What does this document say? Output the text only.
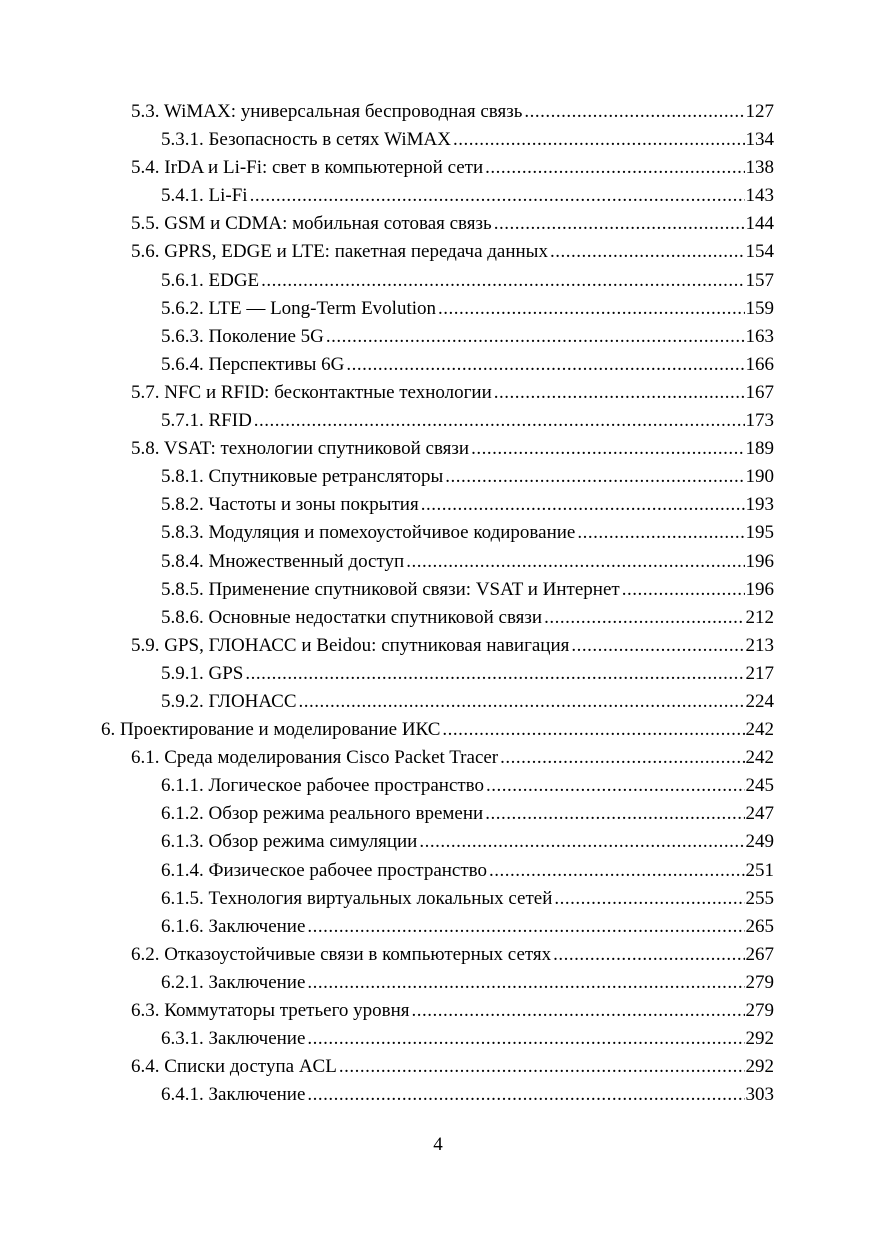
5.3. WiMAX: универсальная беспроводная связь .....	127
5.3.1. Безопасность в сетях WiMAX .....	134
5.4. IrDA и Li-Fi: свет в компьютерной сети .....	138
5.4.1. Li-Fi .....	143
5.5. GSM и CDMA: мобильная сотовая связь .....	144
5.6. GPRS, EDGE и LTE: пакетная передача данных .....	154
5.6.1. EDGE .....	157
5.6.2. LTE — Long-Term Evolution .....	159
5.6.3. Поколение 5G .....	163
5.6.4. Перспективы 6G .....	166
5.7. NFC и RFID: бесконтактные технологии .....	167
5.7.1. RFID .....	173
5.8. VSAT: технологии спутниковой связи .....	189
5.8.1. Спутниковые ретрансляторы .....	190
5.8.2. Частоты и зоны покрытия .....	193
5.8.3. Модуляция и помехоустойчивое кодирование .....	195
5.8.4. Множественный доступ .....	196
5.8.5. Применение спутниковой связи: VSAT и Интернет .....	196
5.8.6. Основные недостатки спутниковой связи .....	212
5.9. GPS, ГЛОНАСС и Beidou: спутниковая навигация .....	213
5.9.1. GPS .....	217
5.9.2. ГЛОНАСС .....	224
6. Проектирование и моделирование ИКС .....	242
6.1. Среда моделирования Cisco Packet Tracer .....	242
6.1.1. Логическое рабочее пространство .....	245
6.1.2. Обзор режима реального времени .....	247
6.1.3. Обзор режима симуляции .....	249
6.1.4. Физическое рабочее пространство .....	251
6.1.5. Технология виртуальных локальных сетей .....	255
6.1.6. Заключение .....	265
6.2. Отказоустойчивые связи в компьютерных сетях .....	267
6.2.1. Заключение .....	279
6.3. Коммутаторы третьего уровня .....	279
6.3.1. Заключение .....	292
6.4. Списки доступа ACL .....	292
6.4.1. Заключение .....	303
4
